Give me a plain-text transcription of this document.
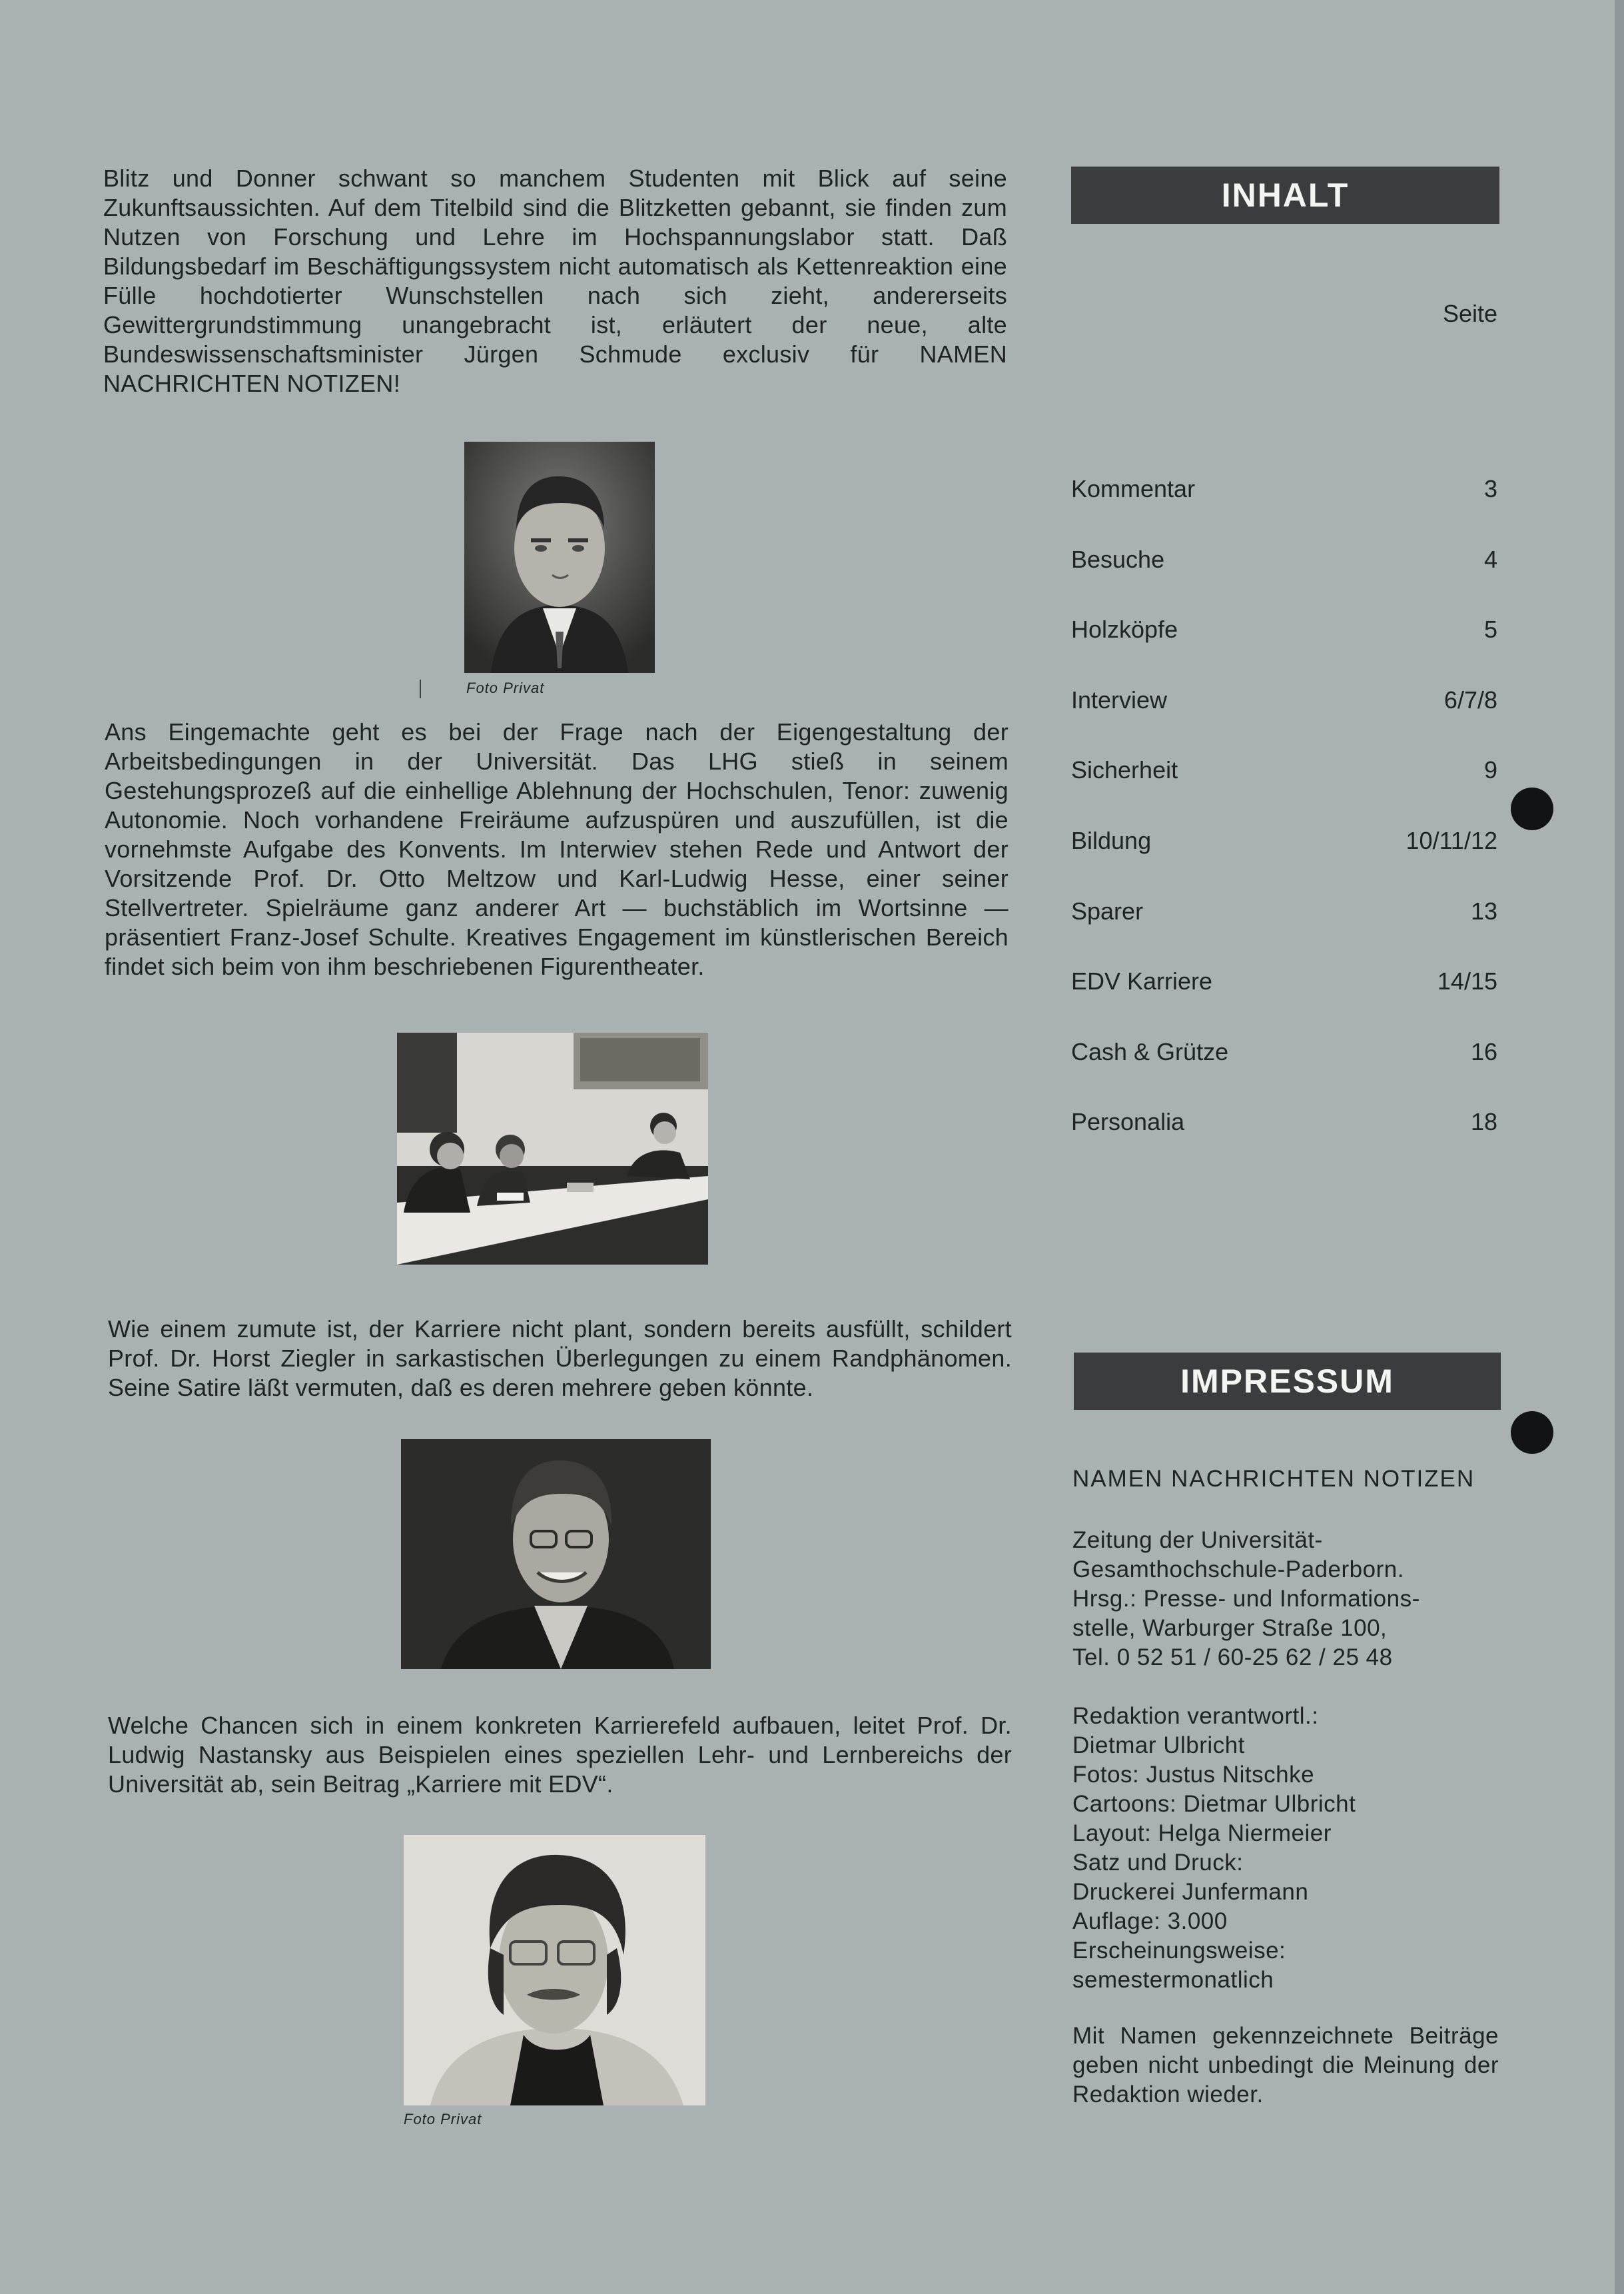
Blitz und Donner schwant so manchem Studenten mit Blick auf seine Zukunftsaussichten. Auf dem Titelbild sind die Blitzketten gebannt, sie finden zum Nutzen von Forschung und Lehre im Hochspannungslabor statt. Daß Bildungsbedarf im Beschäftigungssystem nicht automatisch als Kettenreaktion eine Fülle hochdotierter Wunschstellen nach sich zieht, andererseits Gewittergrundstimmung unangebracht ist, erläutert der neue, alte Bundeswissenschaftsminister Jürgen Schmude exclusiv für NAMEN NACHRICHTEN NOTIZEN!

Foto Privat

Ans Eingemachte geht es bei der Frage nach der Eigengestaltung der Arbeitsbedingungen in der Universität. Das LHG stieß in seinem Gestehungsprozeß auf die einhellige Ablehnung der Hochschulen, Tenor: zuwenig Autonomie. Noch vorhandene Freiräume aufzuspüren und auszufüllen, ist die vornehmste Aufgabe des Konvents. Im Interwiev stehen Rede und Antwort der Vorsitzende Prof. Dr. Otto Meltzow und Karl-Ludwig Hesse, einer seiner Stellvertreter. Spielräume ganz anderer Art — buchstäblich im Wortsinne — präsentiert Franz-Josef Schulte. Kreatives Engagement im künstlerischen Bereich findet sich beim von ihm beschriebenen Figurentheater.

Wie einem zumute ist, der Karriere nicht plant, sondern bereits ausfüllt, schildert Prof. Dr. Horst Ziegler in sarkastischen Überlegungen zu einem Randphänomen. Seine Satire läßt vermuten, daß es deren mehrere geben könnte.

Welche Chancen sich in einem konkreten Karrierefeld aufbauen, leitet Prof. Dr. Ludwig Nastansky aus Beispielen eines speziellen Lehr- und Lernbereichs der Universität ab, sein Beitrag „Karriere mit EDV“.

Foto Privat
INHALT
Seite
Kommentar	3
Besuche	4
Holzköpfe	5
Interview	6/7/8
Sicherheit	9
Bildung	10/11/12
Sparer	13
EDV Karriere	14/15
Cash & Grütze	16
Personalia	18
IMPRESSUM

NAMEN NACHRICHTEN NOTIZEN

Zeitung der Universität-
Gesamthochschule-Paderborn.
Hrsg.: Presse- und Informations-
stelle, Warburger Straße 100,
Tel. 0 52 51 / 60-25 62 / 25 48
Redaktion verantwortl.:
Dietmar Ulbricht
Fotos: Justus Nitschke
Cartoons: Dietmar Ulbricht
Layout: Helga Niermeier
Satz und Druck:
Druckerei Junfermann
Auflage: 3.000
Erscheinungsweise:
semestermonatlich

Mit Namen gekennzeichnete Beiträge geben nicht unbedingt die Meinung der Redaktion wieder.
